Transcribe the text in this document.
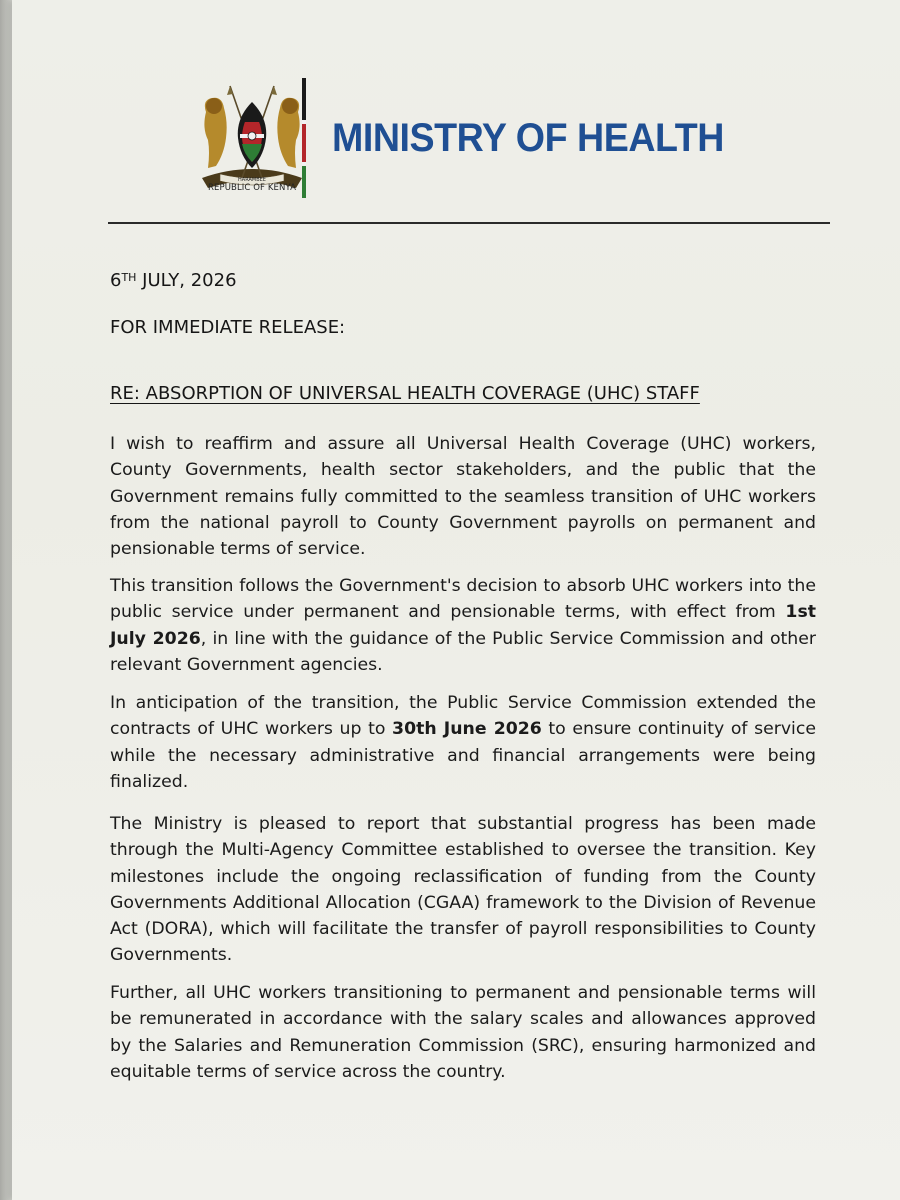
HARAMBEE
REPUBLIC OF KENYA
MINISTRY OF HEALTH
6TH JULY, 2026
FOR IMMEDIATE RELEASE:
RE: ABSORPTION OF UNIVERSAL HEALTH COVERAGE (UHC) STAFF
I wish to reaffirm and assure all Universal Health Coverage (UHC) workers, County Governments, health sector stakeholders, and the public that the Government remains fully committed to the seamless transition of UHC workers from the national payroll to County Government payrolls on permanent and pensionable terms of service.
This transition follows the Government's decision to absorb UHC workers into the public service under permanent and pensionable terms, with effect from 1st July 2026, in line with the guidance of the Public Service Commission and other relevant Government agencies.
In anticipation of the transition, the Public Service Commission extended the contracts of UHC workers up to 30th June 2026 to ensure continuity of service while the necessary administrative and financial arrangements were being finalized.
The Ministry is pleased to report that substantial progress has been made through the Multi-Agency Committee established to oversee the transition. Key milestones include the ongoing reclassification of funding from the County Governments Additional Allocation (CGAA) framework to the Division of Revenue Act (DORA), which will facilitate the transfer of payroll responsibilities to County Governments.
Further, all UHC workers transitioning to permanent and pensionable terms will be remunerated in accordance with the salary scales and allowances approved by the Salaries and Remuneration Commission (SRC), ensuring harmonized and equitable terms of service across the country.
